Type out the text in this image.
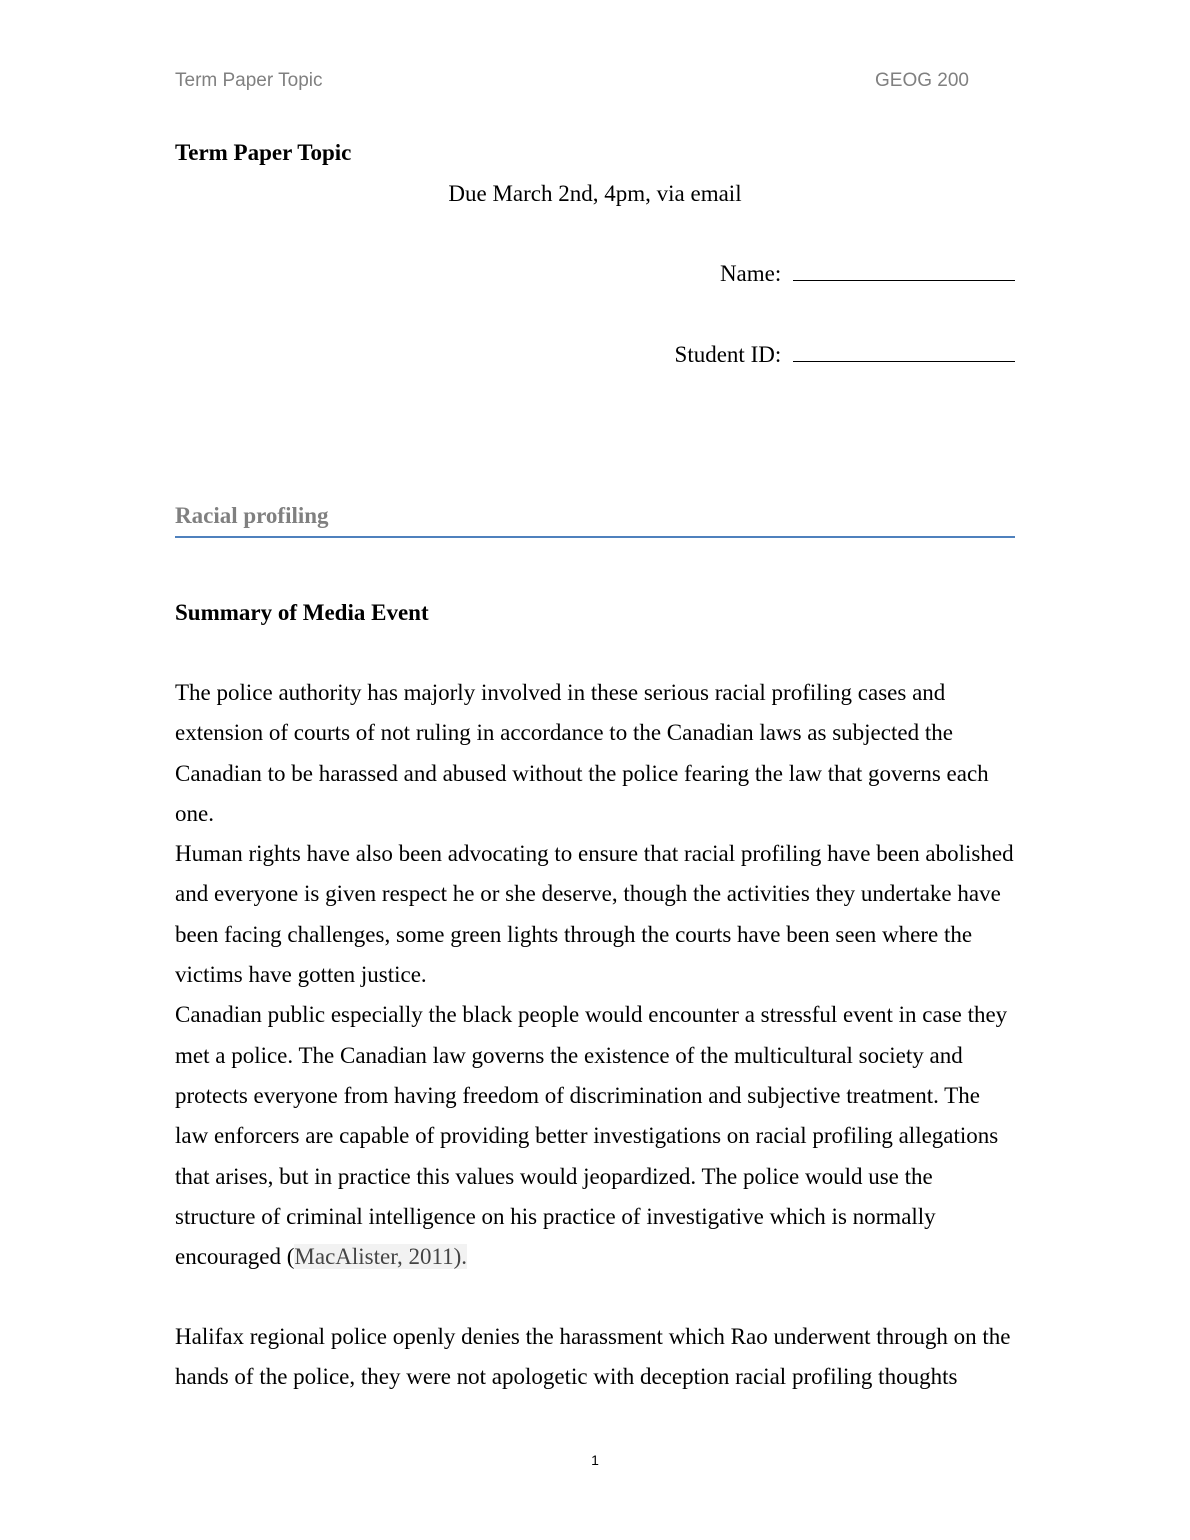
Term Paper Topic	GEOG 200
Term Paper Topic
Due March 2nd, 4pm, via email
Name:
Student ID:
Racial profiling
Summary of Media Event

The police authority has majorly involved in these serious racial profiling cases and extension of courts of not ruling in accordance to the Canadian laws as subjected the Canadian to be harassed and abused without the police fearing the law that governs each one.

Human rights have also been advocating to ensure that racial profiling have been abolished and everyone is given respect he or she deserve, though the activities they undertake have been facing challenges, some green lights through the courts have been seen where the victims have gotten justice.

Canadian public especially the black people would encounter a stressful event in case they met a police. The Canadian law governs the existence of the multicultural society and protects everyone from having freedom of discrimination and subjective treatment. The law enforcers are capable of providing better investigations on racial profiling allegations that arises, but in practice this values would jeopardized. The police would use the structure of criminal intelligence on his practice of investigative which is normally encouraged (MacAlister, 2011).

Halifax regional police openly denies the harassment which Rao underwent through on the hands of the police, they were not apologetic with deception racial profiling thoughts

1
